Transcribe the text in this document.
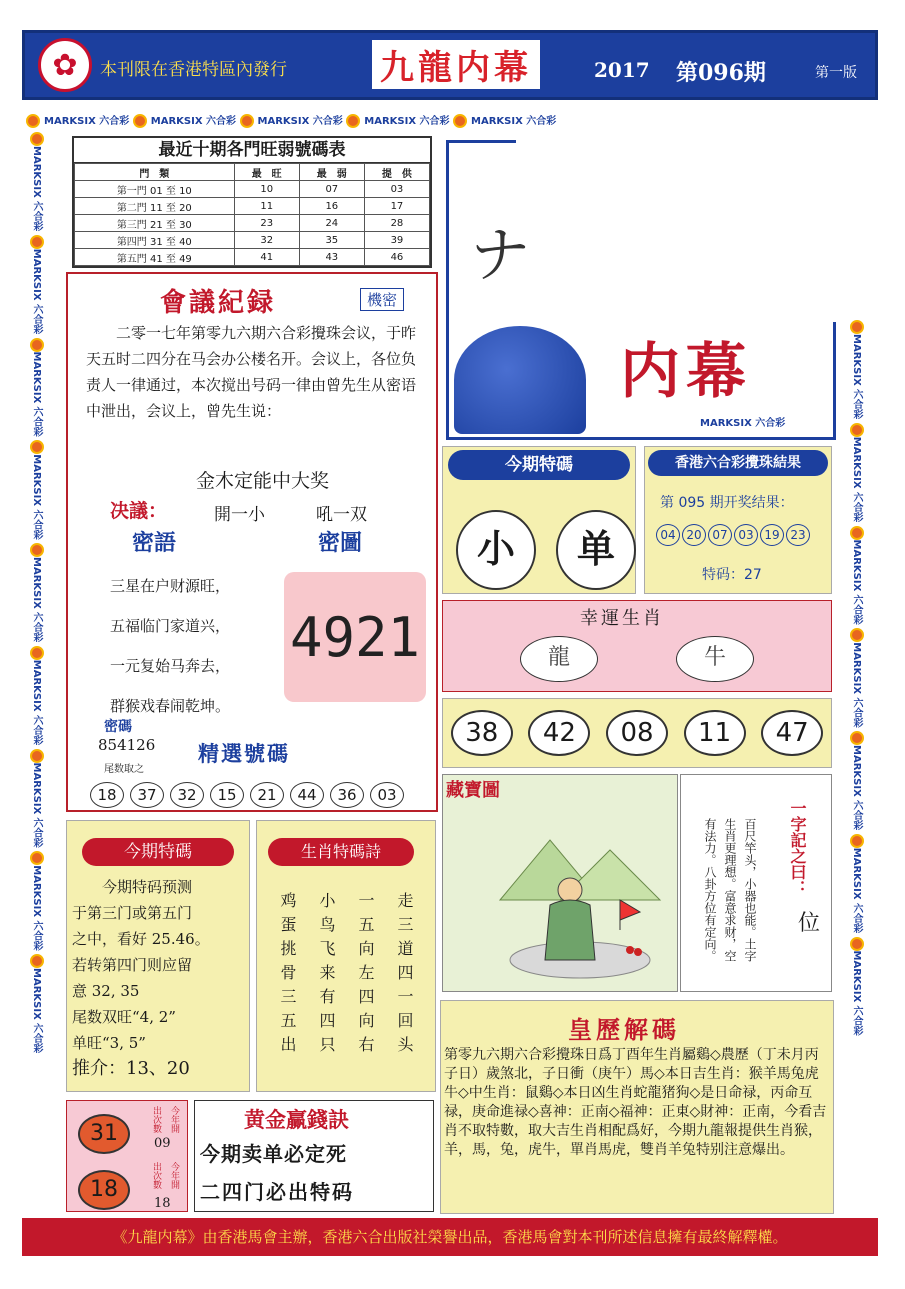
✿	本刊限在香港特區內發行	九龍内幕	2017 第096期	第一版
MARKSIX 六合彩 MARKSIX 六合彩 MARKSIX 六合彩 MARKSIX 六合彩 MARKSIX 六合彩
MARKSIX 六合彩 MARKSIX 六合彩 MARKSIX 六合彩 MARKSIX 六合彩 MARKSIX 六合彩 MARKSIX 六合彩 MARKSIX 六合彩 MARKSIX 六合彩 MARKSIX 六合彩
MARKSIX 六合彩 MARKSIX 六合彩 MARKSIX 六合彩 MARKSIX 六合彩 MARKSIX 六合彩 MARKSIX 六合彩 MARKSIX 六合彩
最近十期各門旺弱號碼表
門　類	最　旺	最　弱	提　供
第一門 01 至 10	10	07	03
第二門 11 至 20	11	16	17
第三門 21 至 30	23	24	28
第四門 31 至 40	32	35	39
第五門 41 至 49	41	43	46
會議紀録	機密
二零一七年第零九六期六合彩攪珠会议，于昨天五时二四分在马会办公楼名开。会议上，各位负责人一律通过，本次搅出号码一律由曾先生从密语中泄出，会议上，曾先生说：
金木定能中大奖
决議：	開一小	吼一双
密語	密圖
三星在户财源旺，
五福临门家道兴，
一元复始马奔去，
群猴戏春闹乾坤。
4921
密碼
854126
尾数取之
精選號碼
18	37	32	15	21	44	36	03
ナ
内幕
MARKSIX 六合彩
今期特碼
小	单
香港六合彩攪珠結果
第 095 期开奖结果：
04 20 07 03 19 23
特码：27
幸運生肖
龍	牛
38	42	08	11	47
藏寶圖
一字記之曰：
位
百尺竿头，小器也能。土字生肖更理想。富意求财，空有法力。八卦方位有定向。
皇歷解碼
第零九六期六合彩攪珠日爲丁酉年生肖屬鷄◇農歷（丁未月丙子日）歲煞北，子日衝（庚午）馬◇本日吉生肖：猴羊馬兔虎牛◇中生肖：鼠鷄◇本日凶生肖蛇龍猪狗◇是日命禄，丙命互禄，庚命進禄◇喜神：正南◇福神：正東◇財神：正南，今看吉肖不取特數，取大吉生肖相配爲好，今期九龍報提供生肖猴，羊，馬，兔，虎牛，單肖馬虎，雙肖羊兔特别注意爆出。
今期特碼
今期特码预测
于第三门或第五门
之中，看好 25.46。
若转第四门则应留
意 32, 35
尾数双旺“4, 2”
单旺“3, 5”
推介：13、20
生肖特碼詩
鸡蛋挑骨三五出 小鸟飞来有四只 一五向左四向右 走三道四一回头
31
18
出次數 今年開
出次數 今年開
09
18
黄金赢錢訣
今期卖单必定死
二四门必出特码
《九龍内幕》由香港馬會主辦，香港六合出版社榮譽出品，香港馬會對本刊所述信息擁有最終解釋權。
